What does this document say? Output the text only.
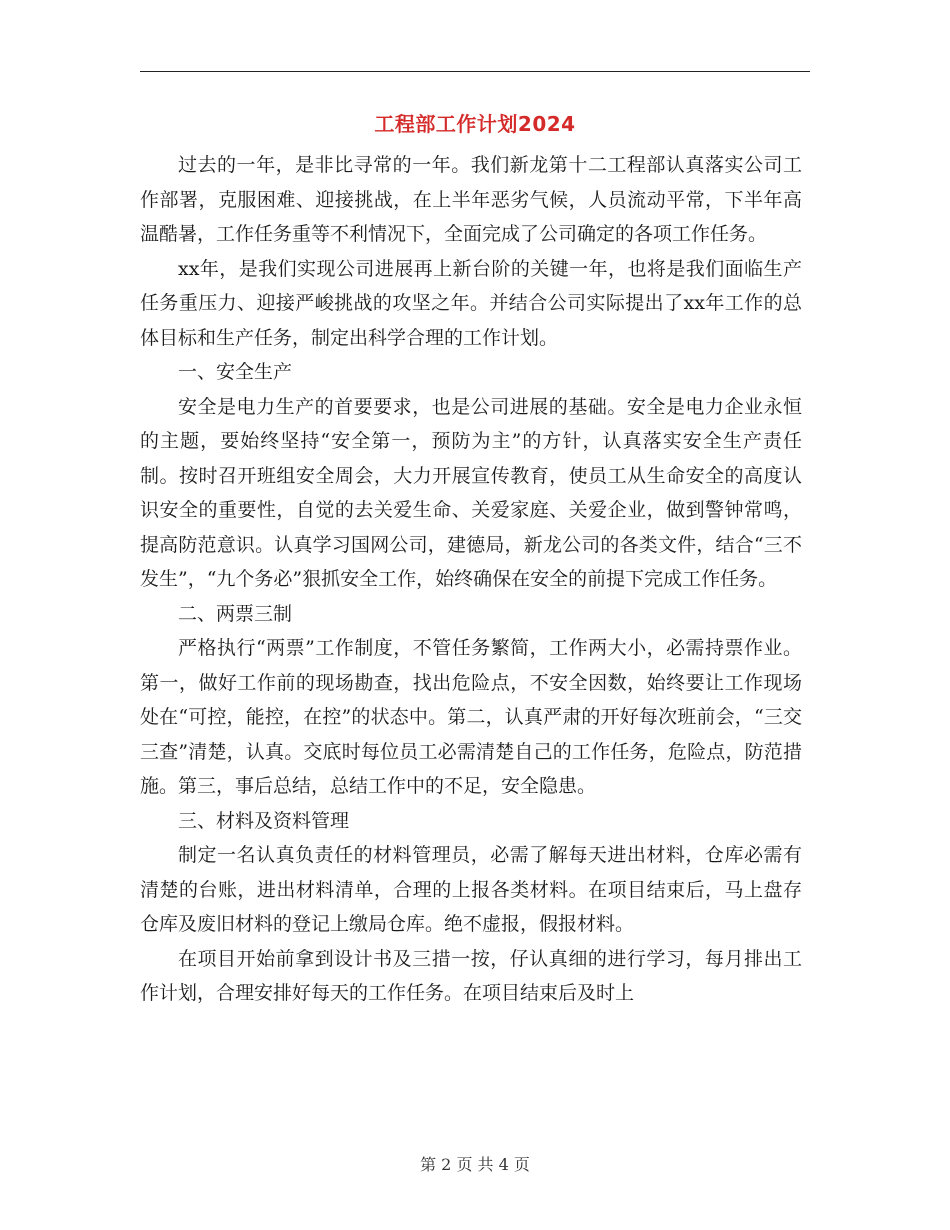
工程部工作计划2024

过去的一年，是非比寻常的一年。我们新龙第十二工程部认真落实公司工作部署，克服困难、迎接挑战，在上半年恶劣气候，人员流动平常，下半年高温酷暑，工作任务重等不利情况下，全面完成了公司确定的各项工作任务。

xx年，是我们实现公司进展再上新台阶的关键一年，也将是我们面临生产任务重压力、迎接严峻挑战的攻坚之年。并结合公司实际提出了xx年工作的总体目标和生产任务，制定出科学合理的工作计划。

一、安全生产

安全是电力生产的首要要求，也是公司进展的基础。安全是电力企业永恒的主题，要始终坚持“安全第一，预防为主”的方针，认真落实安全生产责任制。按时召开班组安全周会，大力开展宣传教育，使员工从生命安全的高度认识安全的重要性，自觉的去关爱生命、关爱家庭、关爱企业，做到警钟常鸣，提高防范意识。认真学习国网公司，建德局，新龙公司的各类文件，结合“三不发生”，“九个务必”狠抓安全工作，始终确保在安全的前提下完成工作任务。

二、两票三制

严格执行“两票”工作制度，不管任务繁简，工作两大小，必需持票作业。第一，做好工作前的现场勘查，找出危险点，不安全因数，始终要让工作现场处在“可控，能控，在控”的状态中。第二，认真严肃的开好每次班前会，“三交三查”清楚，认真。交底时每位员工必需清楚自己的工作任务，危险点，防范措施。第三，事后总结，总结工作中的不足，安全隐患。

三、材料及资料管理

制定一名认真负责任的材料管理员，必需了解每天进出材料，仓库必需有清楚的台账，进出材料清单，合理的上报各类材料。在项目结束后，马上盘存仓库及废旧材料的登记上缴局仓库。绝不虚报，假报材料。

在项目开始前拿到设计书及三措一按，仔认真细的进行学习，每月排出工作计划，合理安排好每天的工作任务。在项目结束后及时上

第 2 页 共 4 页
